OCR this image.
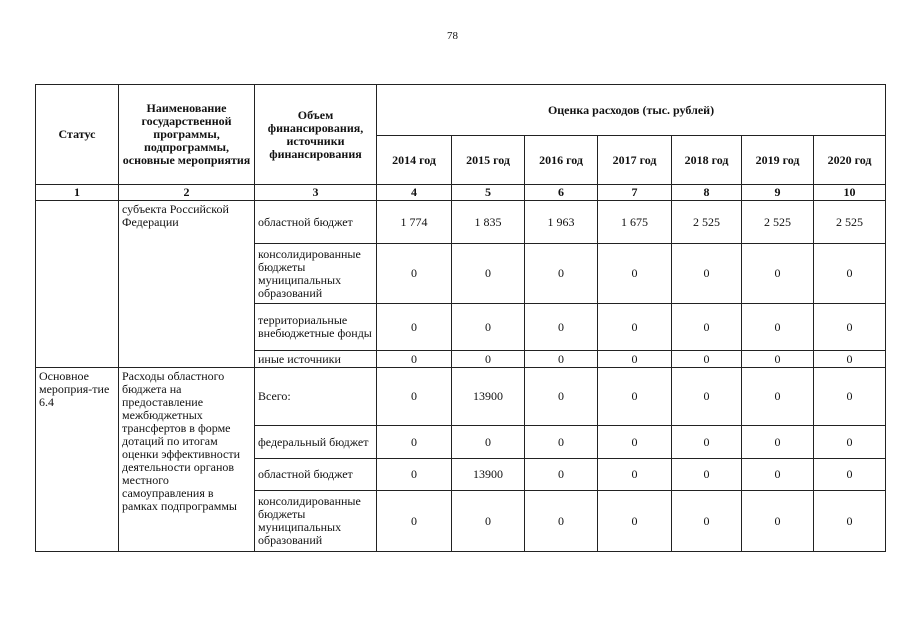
78
Статус	Наименование государственной программы, подпрограммы, основные мероприятия	Объем финансирования, источники финансирования	Оценка расходов (тыс. рублей)						
			2014 год	2015 год	2016 год	2017 год	2018 год	2019 год	2020 год
1	2	3	4	5	6	7	8	9	10
	субъекта Российской Федерации	областной бюджет	1 774	1 835	1 963	1 675	2 525	2 525	2 525
		консолидированные бюджеты муниципальных образований	0	0	0	0	0	0	0
		территориальные внебюджетные фонды	0	0	0	0	0	0	0
		иные источники	0	0	0	0	0	0	0
Основное мероприя-тие 6.4	Расходы областного бюджета на предоставление межбюджетных трансфертов в форме дотаций по итогам оценки эффективности деятельности органов местного самоуправления в рамках подпрограммы	Всего:	0	13900	0	0	0	0	0
		федеральный бюджет	0	0	0	0	0	0	0
		областной бюджет	0	13900	0	0	0	0	0
		консолидированные бюджеты муниципальных образований	0	0	0	0	0	0	0
